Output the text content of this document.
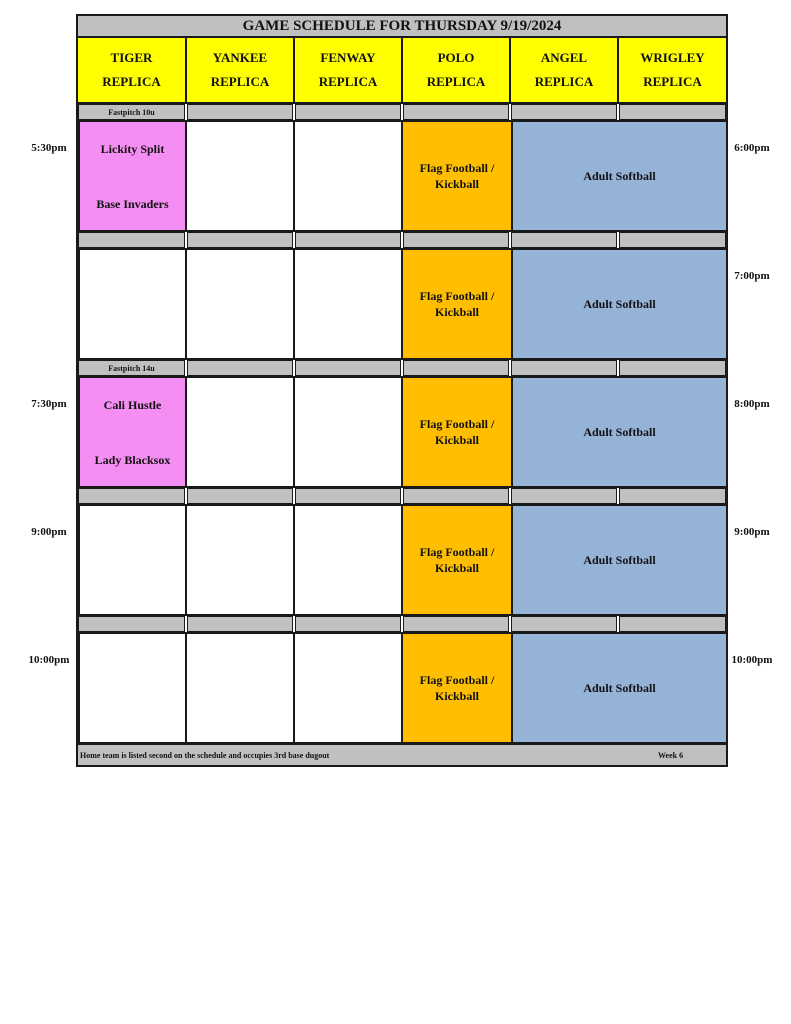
GAME SCHEDULE FOR THURSDAY 9/19/2024
TIGER
REPLICA
YANKEE
REPLICA
FENWAY
REPLICA
POLO
REPLICA
ANGEL
REPLICA
WRIGLEY
REPLICA
Fastpitch 10u
Fastpitch 14u
Lickity Split
Base Invaders
Flag Football /
Kickball
Adult Softball
Flag Football /
Kickball
Adult Softball
Cali Hustle
Lady Blacksox
Flag Football /
Kickball
Adult Softball
Flag Football /
Kickball
Adult Softball
Flag Football /
Kickball
Adult Softball
5:30pm
7:30pm
9:00pm
10:00pm
6:00pm
7:00pm
8:00pm
9:00pm
10:00pm
Home team is listed second on the schedule and occupies 3rd base dugout	Week 6
